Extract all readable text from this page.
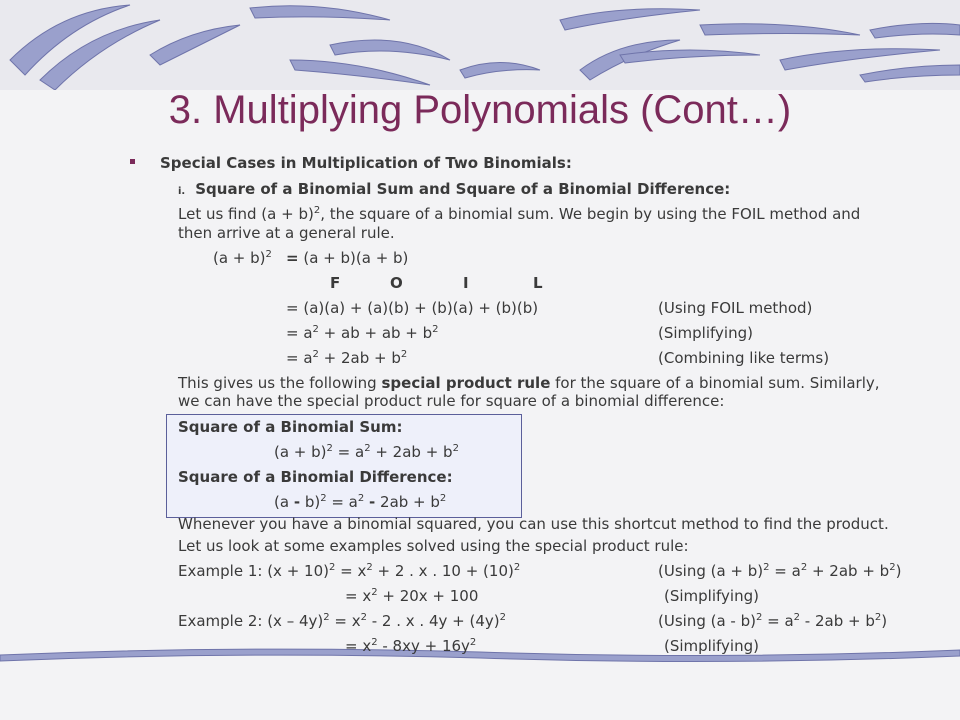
3. Multiplying Polynomials (Cont…)
Special Cases in Multiplication of Two Binomials:
i. Square of a Binomial Sum and Square of a Binomial Difference:
Let us find $(a + b)^2$, the square of a binomial sum. We begin by using the FOIL method and
then arrive at a general rule.
$(a + b)^2 = (a + b)(a + b)$
F	O	I	L
= (a)(a) + (a)(b) + (b)(a) + (b)(b)	(Using FOIL method)
= $a^2$ + ab + ab + $b^2$	(Simplifying)
= $a^2 + 2ab + b^2$	(Combining like terms)
This gives us the following special product rule for the square of a binomial sum. Similarly,
we can have the special product rule for square of a binomial difference:
Square of a Binomial Sum:
$(a + b)^2 = a^2 + 2ab + b^2$
Square of a Binomial Difference:
$(a - b)^2 = a^2 - 2ab + b^2$
Whenever you have a binomial squared, you can use this shortcut method to find the product.
Let us look at some examples solved using the special product rule:
Example 1: $(x + 10)^2 = x^2 + 2$ . x . $10 + (10)^2$	(Using $(a + b)^2 = a^2 + 2ab + b^2$)
= $x^2 + 20x + 100$	(Simplifying)
Example 2: $(x - 4y)^2 = x^2 - 2$ . x . $4y + (4y)^2$	(Using $(a - b)^2 = a^2 - 2ab + b^2$)
= $x^2 - 8xy + 16y^2$	(Simplifying)
